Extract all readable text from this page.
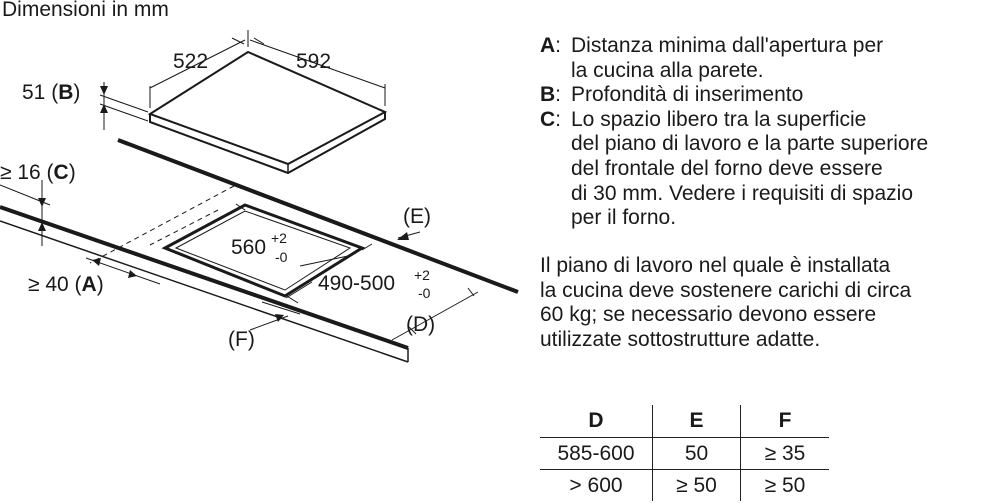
Dimensioni in mm
522	592
51 (B)
≥ 16 (C)
≥ 40 (A)
560 +2
-0
490-500 +2
-0
(E)
(D)
(F)
A: Distanza minima dall'apertura per
la cucina alla parete.
B: Profondità di inserimento
C: Lo spazio libero tra la superficie
del piano di lavoro e la parte superiore
del frontale del forno deve essere
di 30 mm. Vedere i requisiti di spazio
per il forno.
Il piano di lavoro nel quale è installata
la cucina deve sostenere carichi di circa
60 kg; se necessario devono essere
utilizzate sottostrutture adatte.
D	E	F
585-600	50	≥ 35
> 600	≥ 50	≥ 50
